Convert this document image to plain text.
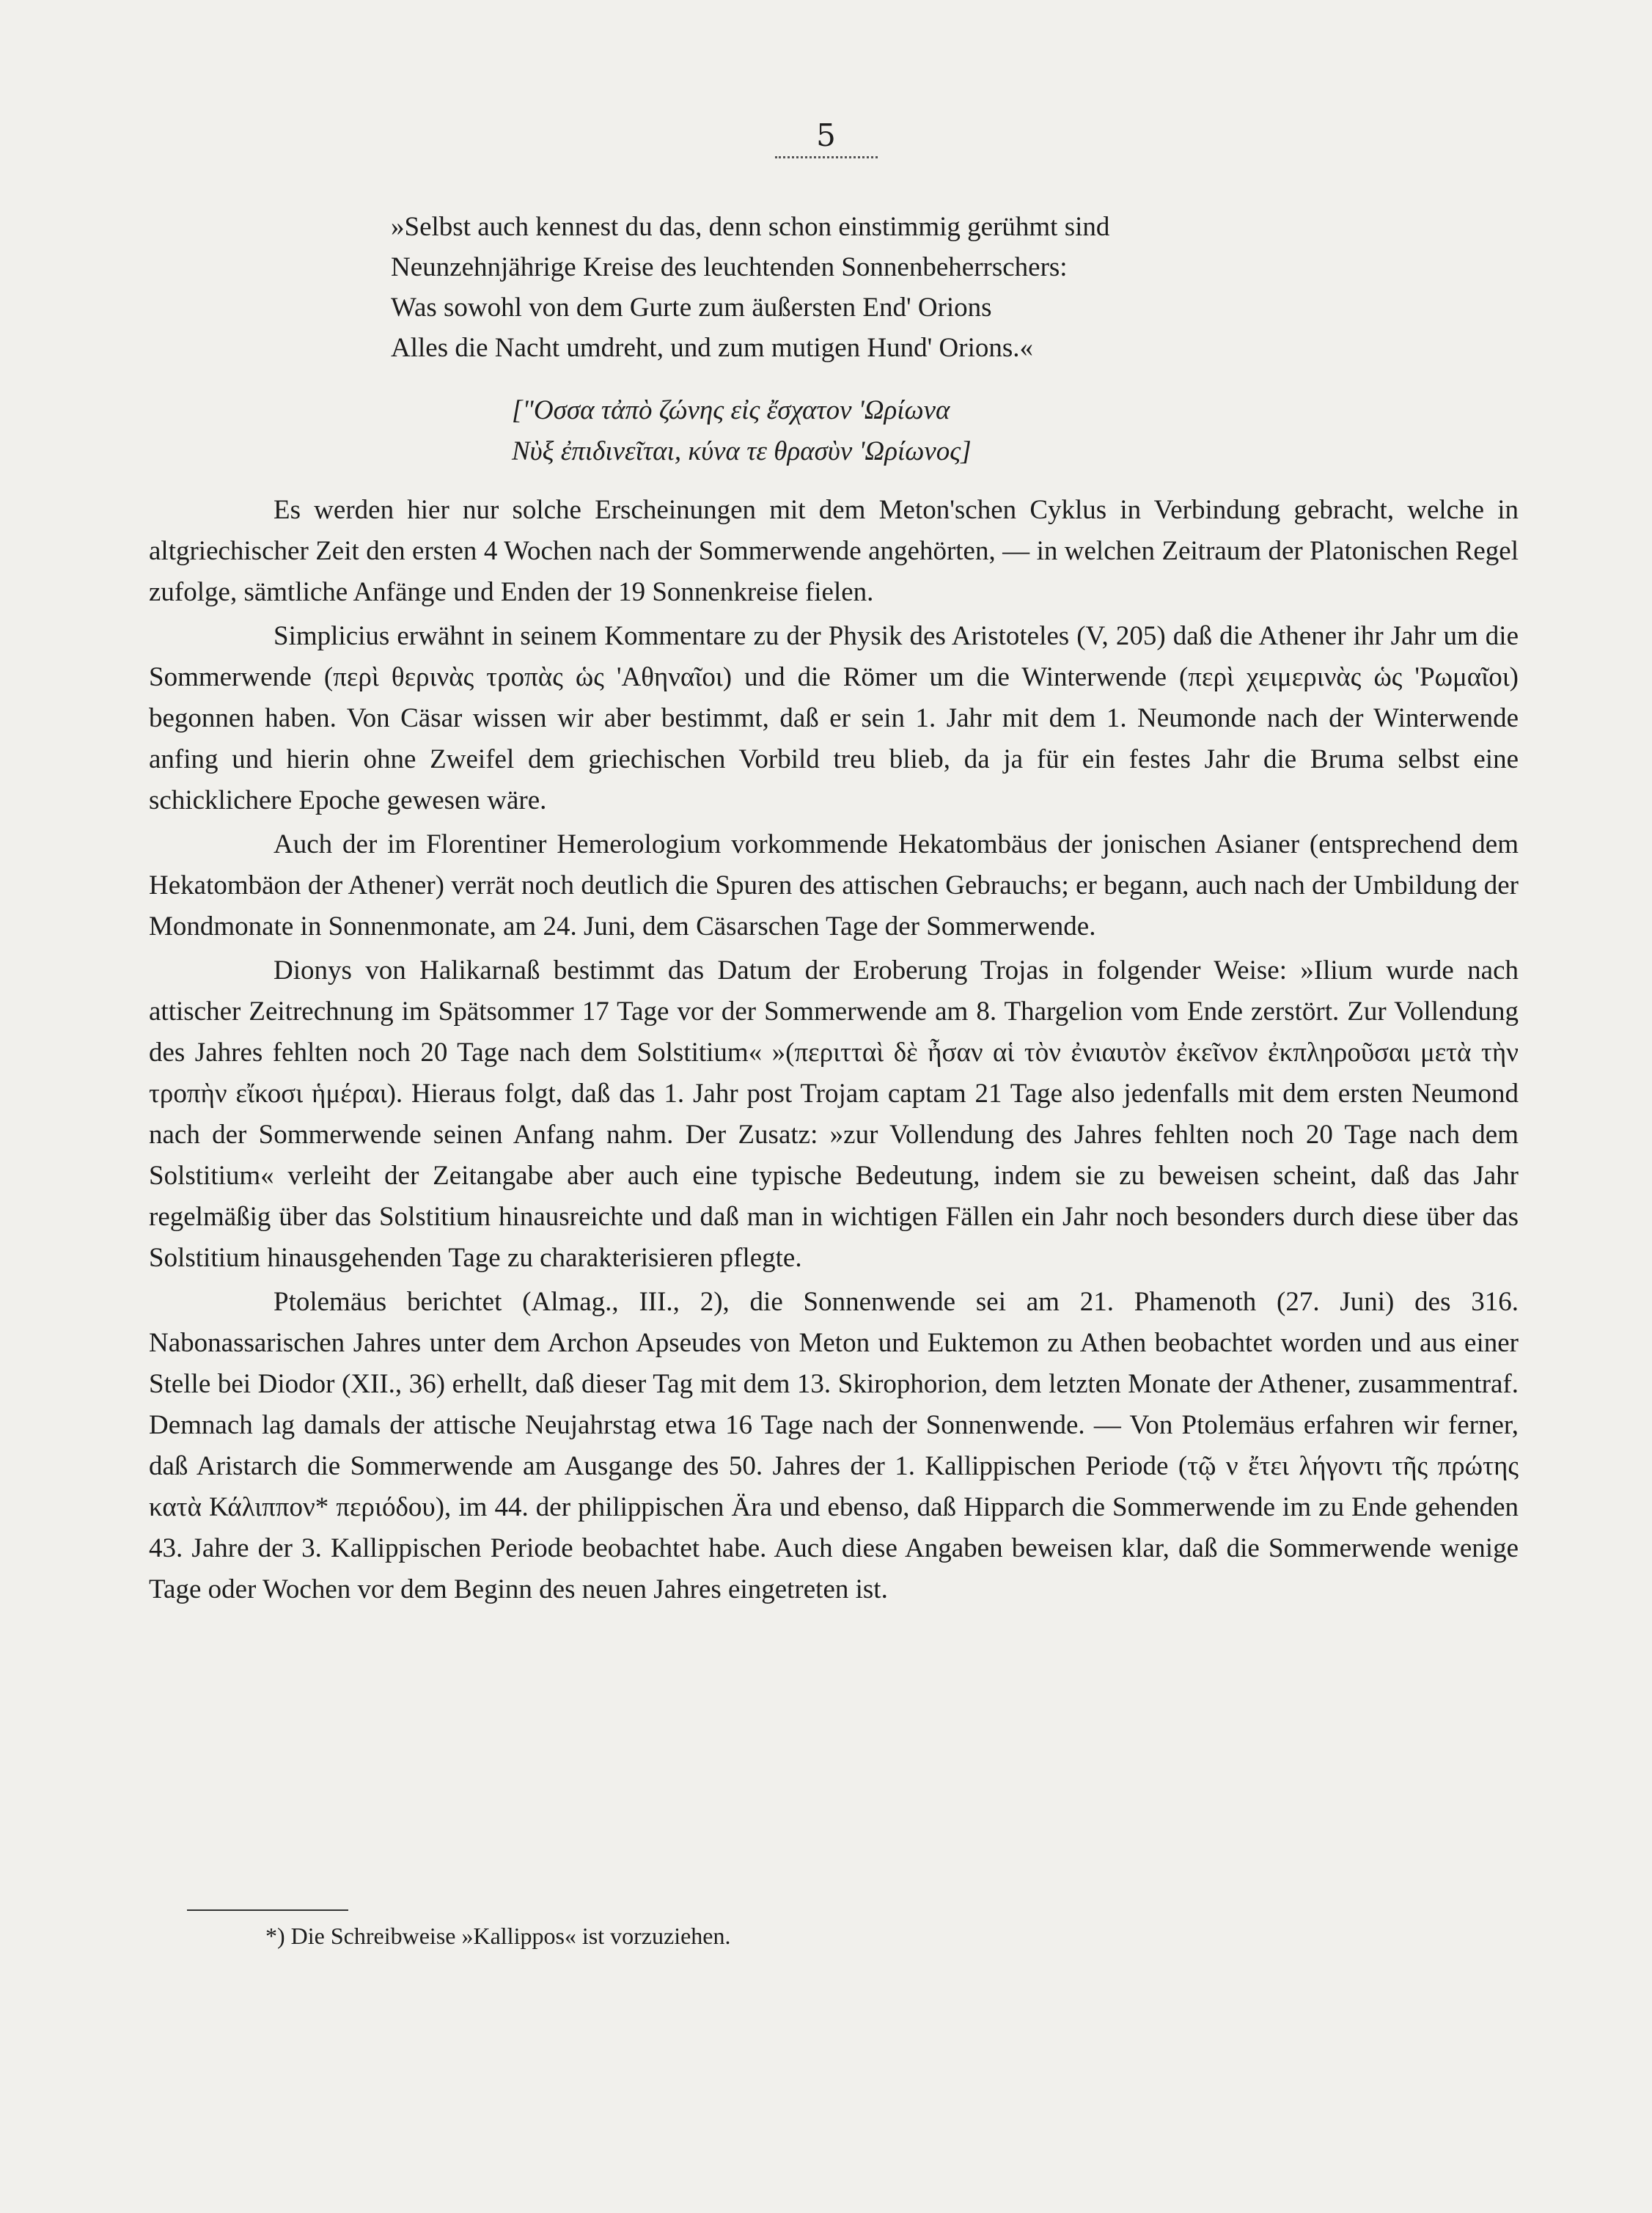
5

»Selbst auch kennest du das, denn schon einstimmig gerühmt sind

Neunzehnjährige Kreise des leuchtenden Sonnenbeherrschers:

Was sowohl von dem Gurte zum äußersten End' Orions

Alles die Nacht umdreht, und zum mutigen Hund' Orions.«

["Οσσα τἀπὸ ζώνης εἰς ἔσχατον 'Ωρίωνα

Νὺξ ἐπιδινεῖται, κύνα τε θρασὺν 'Ωρίωνος]

Es werden hier nur solche Erscheinungen mit dem Meton'schen Cyklus in Verbindung gebracht, welche in altgriechischer Zeit den ersten 4 Wochen nach der Sommerwende angehörten, — in welchen Zeitraum der Platonischen Regel zufolge, sämtliche Anfänge und Enden der 19 Sonnenkreise fielen.

Simplicius erwähnt in seinem Kommentare zu der Physik des Aristoteles (V, 205) daß die Athener ihr Jahr um die Sommerwende (περὶ θερινὰς τροπὰς ὡς 'Αθηναῖοι) und die Römer um die Winterwende (περὶ χειμερινὰς ὡς 'Ρωμαῖοι) begonnen haben. Von Cäsar wissen wir aber bestimmt, daß er sein 1. Jahr mit dem 1. Neumonde nach der Winterwende anfing und hierin ohne Zweifel dem griechischen Vorbild treu blieb, da ja für ein festes Jahr die Bruma selbst eine schicklichere Epoche gewesen wäre.

Auch der im Florentiner Hemerologium vorkommende Hekatombäus der jonischen Asianer (entsprechend dem Hekatombäon der Athener) verrät noch deutlich die Spuren des attischen Gebrauchs; er begann, auch nach der Umbildung der Mondmonate in Sonnenmonate, am 24. Juni, dem Cäsarschen Tage der Sommerwende.

Dionys von Halikarnaß bestimmt das Datum der Eroberung Trojas in folgender Weise: »Ilium wurde nach attischer Zeitrechnung im Spätsommer 17 Tage vor der Sommerwende am 8. Thargelion vom Ende zerstört. Zur Vollendung des Jahres fehlten noch 20 Tage nach dem Solstitium« »(περιτταὶ δὲ ἦσαν αἱ τὸν ἐνιαυτὸν ἐκεῖνον ἐκπληροῦσαι μετὰ τὴν τροπὴν εἴκοσι ἡμέραι). Hieraus folgt, daß das 1. Jahr post Trojam captam 21 Tage also jedenfalls mit dem ersten Neumond nach der Sommerwende seinen Anfang nahm. Der Zusatz: »zur Vollendung des Jahres fehlten noch 20 Tage nach dem Solstitium« verleiht der Zeitangabe aber auch eine typische Bedeutung, indem sie zu beweisen scheint, daß das Jahr regelmäßig über das Solstitium hinausreichte und daß man in wichtigen Fällen ein Jahr noch besonders durch diese über das Solstitium hinausgehenden Tage zu charakterisieren pflegte.

Ptolemäus berichtet (Almag., III., 2), die Sonnenwende sei am 21. Phamenoth (27. Juni) des 316. Nabonassarischen Jahres unter dem Archon Apseudes von Meton und Euktemon zu Athen beobachtet worden und aus einer Stelle bei Diodor (XII., 36) erhellt, daß dieser Tag mit dem 13. Skirophorion, dem letzten Monate der Athener, zusammentraf. Demnach lag damals der attische Neujahrstag etwa 16 Tage nach der Sonnenwende. — Von Ptolemäus erfahren wir ferner, daß Aristarch die Sommerwende am Ausgange des 50. Jahres der 1. Kallippischen Periode (τῷ ν ἔτει λήγοντι τῆς πρώτης κατὰ Κάλιππον* περιόδου), im 44. der philippischen Ära und ebenso, daß Hipparch die Sommerwende im zu Ende gehenden 43. Jahre der 3. Kallippischen Periode beobachtet habe. Auch diese Angaben beweisen klar, daß die Sommerwende wenige Tage oder Wochen vor dem Beginn des neuen Jahres eingetreten ist.

*) Die Schreibweise »Kallippos« ist vorzuziehen.
